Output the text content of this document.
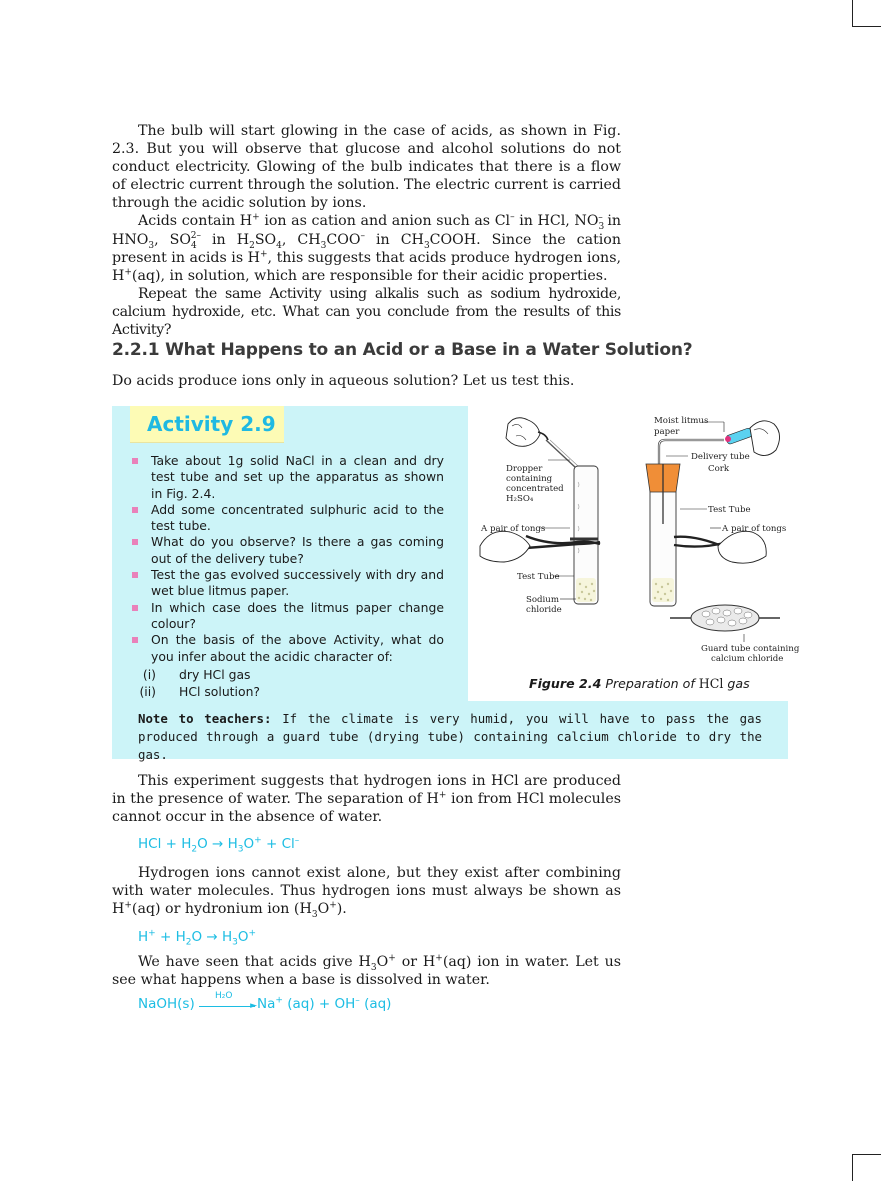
The bulb will start glowing in the case of acids, as shown in Fig. 2.3. But you will observe that glucose and alcohol solutions do not conduct electricity. Glowing of the bulb indicates that there is a flow of electric current through the solution. The electric current is carried through the acidic solution by ions.

Acids contain H+ ion as cation and anion such as Cl– in HCl, $NO_3^-$ in $HNO_3$, $SO_4^{2-}$ in $H_2SO_4$, $CH_3COO^-$ in $CH_3COOH$. Since the cation present in acids is H+, this suggests that acids produce hydrogen ions, H+(aq), in solution, which are responsible for their acidic properties.

Repeat the same Activity using alkalis such as sodium hydroxide, calcium hydroxide, etc. What can you conclude from the results of this Activity?

2.2.1 What Happens to an Acid or a Base in a Water Solution?

Do acids produce ions only in aqueous solution? Let us test this.

Activity 2.9
Take about 1g solid NaCl in a clean and dry test tube and set up the apparatus as shown in Fig. 2.4.
Add some concentrated sulphuric acid to the test tube.
What do you observe? Is there a gas coming out of the delivery tube?
Test the gas evolved successively with dry and wet blue litmus paper.
In which case does the litmus paper change colour?
On the basis of the above Activity, what do you infer about the acidic character of:
(i) dry HCl gas
(ii) HCl solution?
Moist litmus
paper
Delivery tube
Cork
Dropper
containing
concentrated
H₂SO₄
Test Tube
A pair of tongs	A pair of tongs
Test Tube
Sodium
chloride
Guard tube containing
calcium chloride
Figure 2.4 Preparation of HCl gas

Note to teachers: If the climate is very humid, you will have to pass the gas produced through a guard tube (drying tube) containing calcium chloride to dry the gas.

This experiment suggests that hydrogen ions in HCl are produced in the presence of water. The separation of H+ ion from HCl molecules cannot occur in the absence of water.

HCl + $H_2O \to H_3O^+ + Cl^-$

Hydrogen ions cannot exist alone, but they exist after combining with water molecules. Thus hydrogen ions must always be shown as H+(aq) or hydronium ion $(H_3O^+)$.

$H^+ + H_2O \to H_3O^+$

We have seen that acids give $H_3O^+$ or H+(aq) ion in water. Let us see what happens when a base is dissolved in water.

NaOH(s) H₂O
► Na+ (aq) + OH– (aq)
